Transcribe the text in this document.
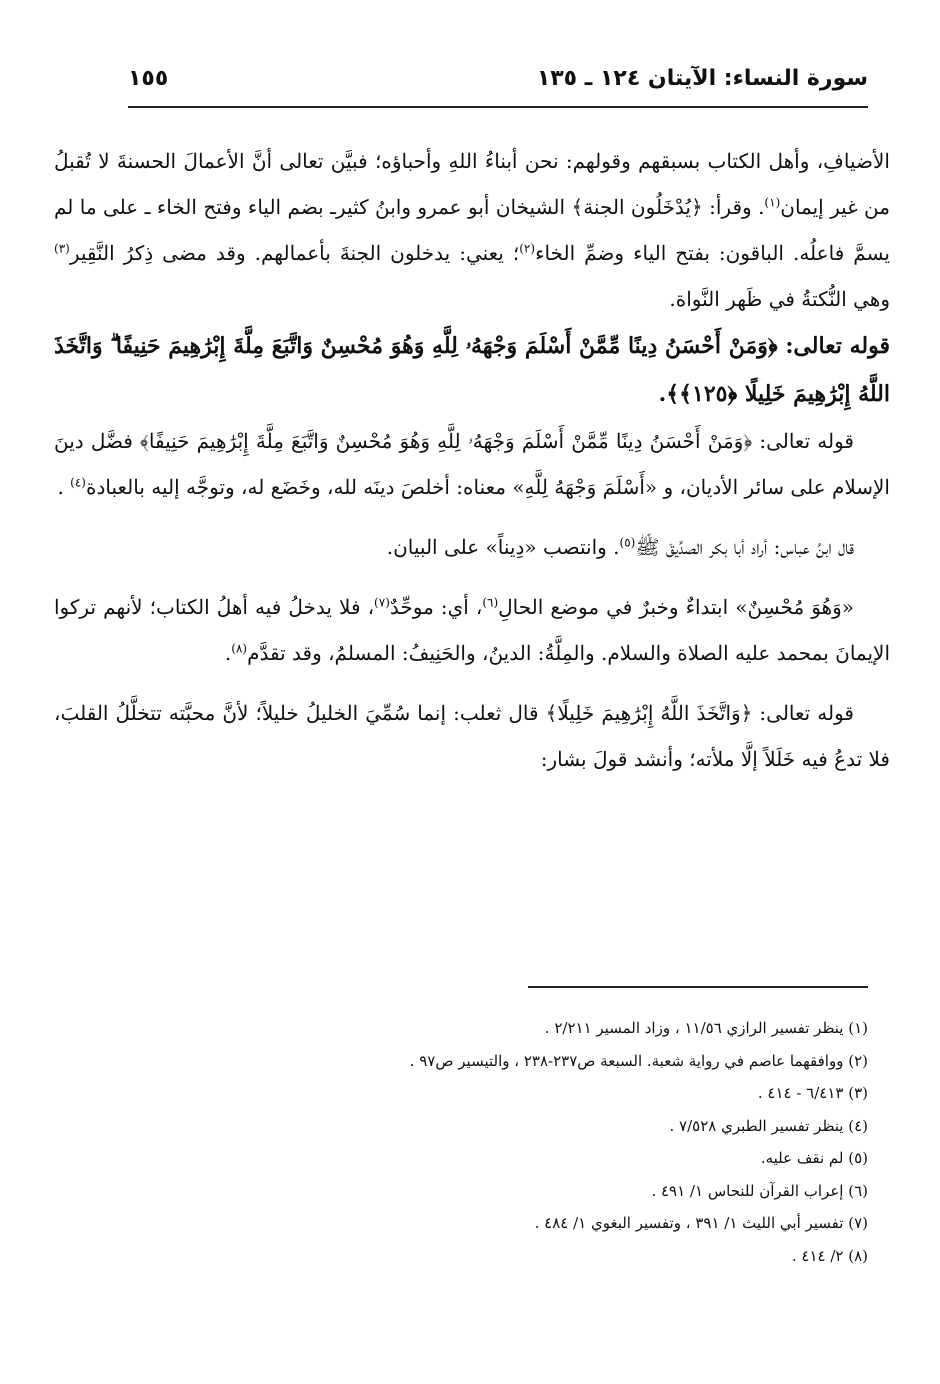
سورة النساء: الآيتان ١٢٤ ـ ١٣٥
١٥٥

الأضيافِ، وأهل الكتاب بسبقهم وقولهم: نحن أبناءُ اللهِ وأحباؤه؛ فبيَّن تعالى أنَّ الأعمالَ الحسنةَ لا تُقبلُ من غير إيمان$^{(١)}$. وقرأ: ﴿يُدْخَلُون الجنة﴾ الشيخان أبو عمرو وابنُ كثيرـ بضم الياء وفتح الخاء ـ على ما لم يسمَّ فاعلُه. الباقون: بفتح الياء وضمِّ الخاء$^{(٢)}$؛ يعني: يدخلون الجنةَ بأعمالهم. وقد مضى ذِكرُ النَّقِير$^{(٣)}$ وهي النُّكتةُ في ظَهر النَّواة.

قوله تعالى: ﴿وَمَنْ أَحْسَنُ دِينًا مِّمَّنْ أَسْلَمَ وَجْهَهُۥ لِلَّهِ وَهُوَ مُحْسِنٌ وَاتَّبَعَ مِلَّةَ إِبْرَٰهِيمَ حَنِيفًا ۗ وَاتَّخَذَ اللَّهُ إِبْرَٰهِيمَ خَلِيلًا ﴿١٢٥﴾﴾.

قوله تعالى: ﴿وَمَنْ أَحْسَنُ دِينًا مِّمَّنْ أَسْلَمَ وَجْهَهُۥ لِلَّهِ وَهُوَ مُحْسِنٌ وَاتَّبَعَ مِلَّةَ إِبْرَٰهِيمَ حَنِيفًا﴾ فضَّل دينَ الإسلام على سائر الأديان، و «أَسْلَمَ وَجْهَهُ لِلَّهِ» معناه: أخلصَ دينَه لله، وخَضَع له، وتوجَّه إليه بالعبادة$^{(٤)}$ .

قال ابنُ عباس: أراد أبا بكر الصدِّيقَ ﷺ$^{(٥)}$. وانتصب «دِيناً» على البيان.

«وَهُوَ مُحْسِنٌ» ابتداءٌ وخبرٌ في موضع الحالِ$^{(٦)}$، أي: موحِّدٌ$^{(٧)}$، فلا يدخلُ فيه أهلُ الكتاب؛ لأنهم تركوا الإيمانَ بمحمد عليه الصلاة والسلام. والمِلَّةُ: الدينُ، والحَنِيفُ: المسلمُ، وقد تقدَّم$^{(٨)}$.

قوله تعالى: ﴿وَاتَّخَذَ اللَّهُ إِبْرَٰهِيمَ خَلِيلًا﴾ قال ثعلب: إنما سُمِّيَ الخليلُ خليلاً؛ لأنَّ محبَّته تتخلَّلُ القلبَ، فلا تدعُ فيه خَلَلاً إلَّا ملأته؛ وأنشد قولَ بشار:

(١) ينظر تفسير الرازي ١١/٥٦ ، وزاد المسير ٢/٢١١ .
(٢) ووافقهما عاصم في رواية شعبة. السبعة ص٢٣٧-٢٣٨ ، والتيسير ص٩٧ .
(٣) ٦/٤١٣ - ٤١٤ .
(٤) ينظر تفسير الطبري ٧/٥٢٨ .
(٥) لم نقف عليه.
(٦) إعراب القرآن للنحاس ١/ ٤٩١ .
(٧) تفسير أبي الليث ١/ ٣٩١ ، وتفسير البغوي ١/ ٤٨٤ .
(٨) ٢/ ٤١٤ .
